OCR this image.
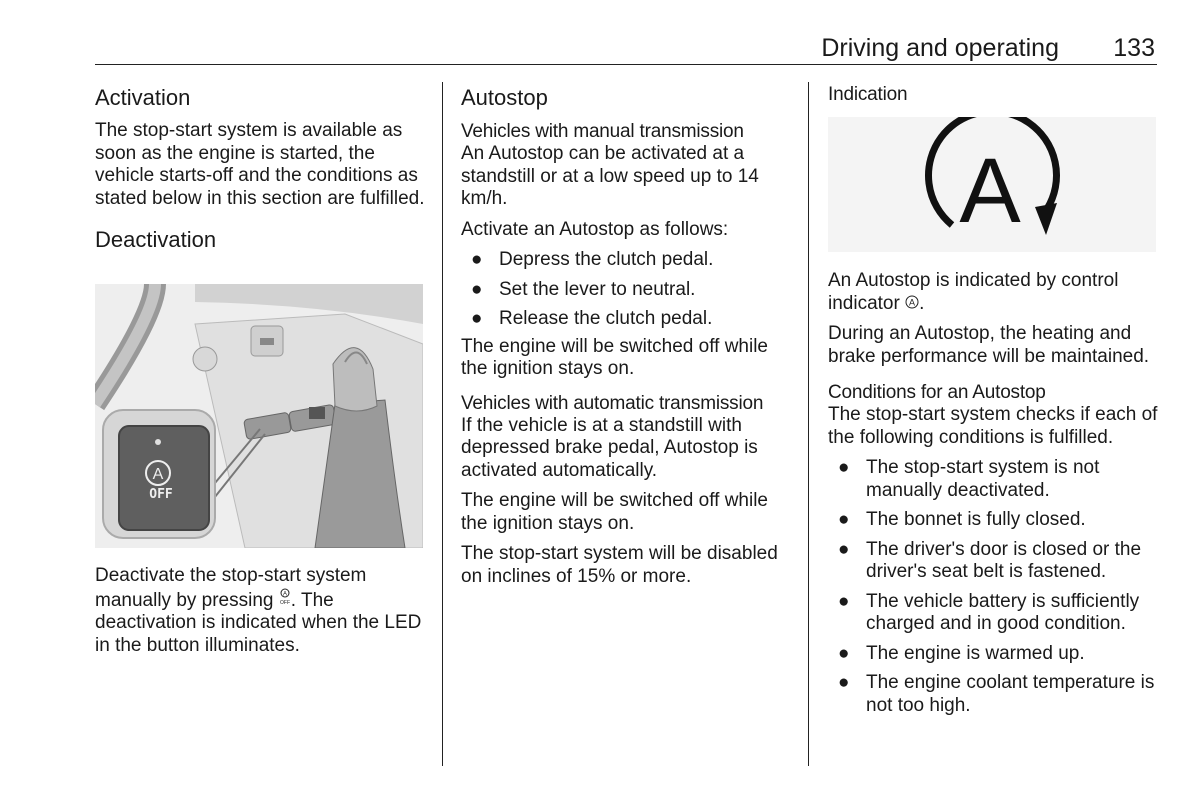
Driving and operating 133
Activation

The stop-start system is available as soon as the engine is started, the vehicle starts-off and the conditions as stated below in this section are fulfilled.

Deactivation
A
OFF

Deactivate the stop-start system manually by pressing A
OFF . The deactivation is indicated when the LED in the button illuminates.

Autostop
Vehicles with manual transmission

An Autostop can be activated at a standstill or at a low speed up to 14 km/h.

Activate an Autostop as follows:

● Depress the clutch pedal.
● Set the lever to neutral.
● Release the clutch pedal.

The engine will be switched off while the ignition stays on.

Vehicles with automatic transmission

If the vehicle is at a standstill with depressed brake pedal, Autostop is activated automatically.

The engine will be switched off while the ignition stays on.

The stop-start system will be disabled on inclines of 15% or more.

Indication
A

An Autostop is indicated by control indicator A .

During an Autostop, the heating and brake performance will be maintained.

Conditions for an Autostop

The stop-start system checks if each of the following conditions is fulfilled.

● The stop-start system is not manually deactivated.
● The bonnet is fully closed.
● The driver's door is closed or the driver's seat belt is fastened.
● The vehicle battery is sufficiently charged and in good condition.
● The engine is warmed up.
● The engine coolant temperature is not too high.
